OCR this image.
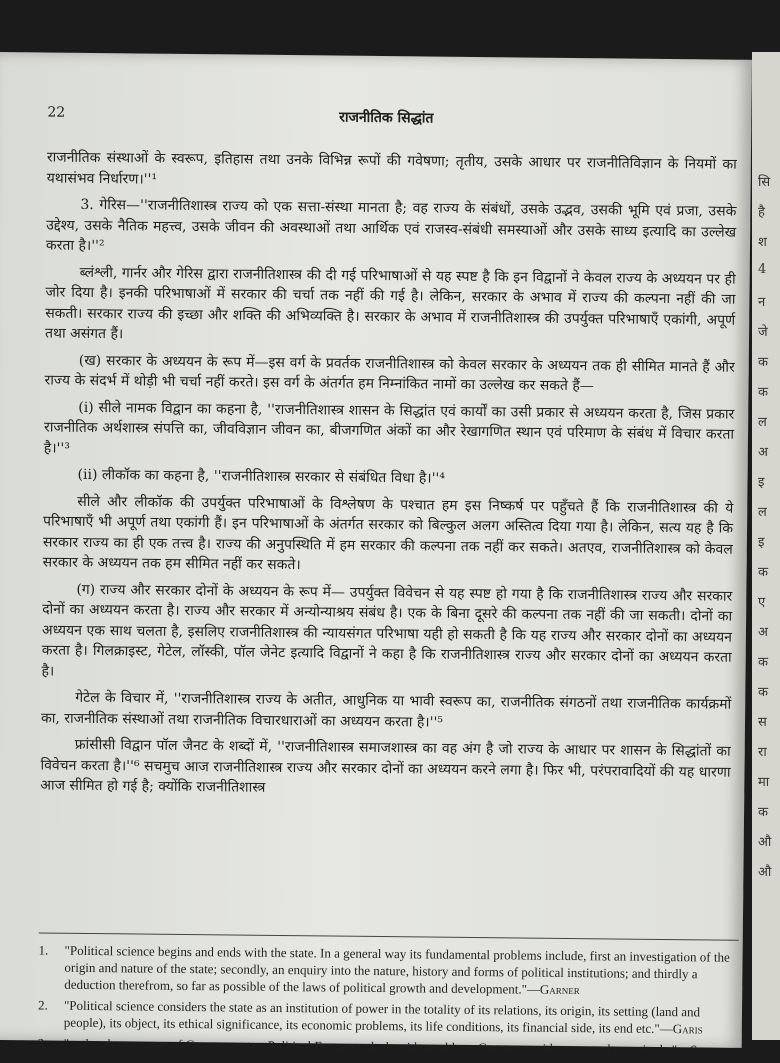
22	राजनीतिक सिद्धांत

राजनीतिक संस्थाओं के स्वरूप, इतिहास तथा उनके विभिन्न रूपों की गवेषणा; तृतीय, उसके आधार पर राजनीतिविज्ञान के नियमों का यथासंभव निर्धारण।''¹

3. गेरिस—''राजनीतिशास्त्र राज्य को एक सत्ता-संस्था मानता है; वह राज्य के संबंधों, उसके उद्भव, उसकी भूमि एवं प्रजा, उसके उद्देश्य, उसके नैतिक महत्त्व, उसके जीवन की अवस्थाओं तथा आर्थिक एवं राजस्व-संबंधी समस्याओं और उसके साध्य इत्यादि का उल्लेख करता है।''²

ब्लंश्ली, गार्नर और गेरिस द्वारा राजनीतिशास्त्र की दी गई परिभाषाओं से यह स्पष्ट है कि इन विद्वानों ने केवल राज्य के अध्ययन पर ही जोर दिया है। इनकी परिभाषाओं में सरकार की चर्चा तक नहीं की गई है। लेकिन, सरकार के अभाव में राज्य की कल्पना नहीं की जा सकती। सरकार राज्य की इच्छा और शक्ति की अभिव्यक्ति है। सरकार के अभाव में राजनीतिशास्त्र की उपर्युक्त परिभाषाएँ एकांगी, अपूर्ण तथा असंगत हैं।

(ख) सरकार के अध्ययन के रूप में—इस वर्ग के प्रवर्तक राजनीतिशास्त्र को केवल सरकार के अध्ययन तक ही सीमित मानते हैं और राज्य के संदर्भ में थोड़ी भी चर्चा नहीं करते। इस वर्ग के अंतर्गत हम निम्नांकित नामों का उल्लेख कर सकते हैं—

(i) सीले नामक विद्वान का कहना है, ''राजनीतिशास्त्र शासन के सिद्धांत एवं कार्यों का उसी प्रकार से अध्ययन करता है, जिस प्रकार राजनीतिक अर्थशास्त्र संपत्ति का, जीवविज्ञान जीवन का, बीजगणित अंकों का और रेखागणित स्थान एवं परिमाण के संबंध में विचार करता है।''³

(ii) लीकॉक का कहना है, ''राजनीतिशास्त्र सरकार से संबंधित विधा है।''⁴

सीले और लीकॉक की उपर्युक्त परिभाषाओं के विश्लेषण के पश्चात हम इस निष्कर्ष पर पहुँचते हैं कि राजनीतिशास्त्र की ये परिभाषाएँ भी अपूर्ण तथा एकांगी हैं। इन परिभाषाओं के अंतर्गत सरकार को बिल्कुल अलग अस्तित्व दिया गया है। लेकिन, सत्य यह है कि सरकार राज्य का ही एक तत्त्व है। राज्य की अनुपस्थिति में हम सरकार की कल्पना तक नहीं कर सकते। अतएव, राजनीतिशास्त्र को केवल सरकार के अध्ययन तक हम सीमित नहीं कर सकते।

(ग) राज्य और सरकार दोनों के अध्ययन के रूप में— उपर्युक्त विवेचन से यह स्पष्ट हो गया है कि राजनीतिशास्त्र राज्य और सरकार दोनों का अध्ययन करता है। राज्य और सरकार में अन्योन्याश्रय संबंध है। एक के बिना दूसरे की कल्पना तक नहीं की जा सकती। दोनों का अध्ययन एक साथ चलता है, इसलिए राजनीतिशास्त्र की न्यायसंगत परिभाषा यही हो सकती है कि यह राज्य और सरकार दोनों का अध्ययन करता है। गिलक्राइस्ट, गेटेल, लॉस्की, पॉल जेनेट इत्यादि विद्वानों ने कहा है कि राजनीतिशास्त्र राज्य और सरकार दोनों का अध्ययन करता है।

गेटेल के विचार में, ''राजनीतिशास्त्र राज्य के अतीत, आधुनिक या भावी स्वरूप का, राजनीतिक संगठनों तथा राजनीतिक कार्यक्रमों का, राजनीतिक संस्थाओं तथा राजनीतिक विचारधाराओं का अध्ययन करता है।''⁵

फ्रांसीसी विद्वान पॉल जैनट के शब्दों में, ''राजनीतिशास्त्र समाजशास्त्र का वह अंग है जो राज्य के आधार पर शासन के सिद्धांतों का विवेचन करता है।''⁶ सचमुच आज राजनीतिशास्त्र राज्य और सरकार दोनों का अध्ययन करने लगा है। फिर भी, परंपरावादियों की यह धारणा आज सीमित हो गई है; क्योंकि राजनीतिशास्त्र

1. "Political science begins and ends with the state. In a general way its fundamental problems include, first an investigation of the origin and nature of the state; secondly, an enquiry into the nature, history and forms of political institutions; and thirdly a deduction therefrom, so far as possible of the laws of political growth and development."—Garner

2. "Political science considers the state as an institution of power in the totality of its relations, its origin, its setting (land and people), its object, its ethical significance, its economic problems, its life conditions, its financial side, its end etc."—Garis

3. "... the phenomenon of Government as Political Economy deals with wealth, ... Geometry with space and magnitude."—Seeley

सि
है
श
4
न
जे
क
क
ल
अ
इ
ल
इ
क
ए
अ
क
क
स
रा
मा
क
औ
औ
